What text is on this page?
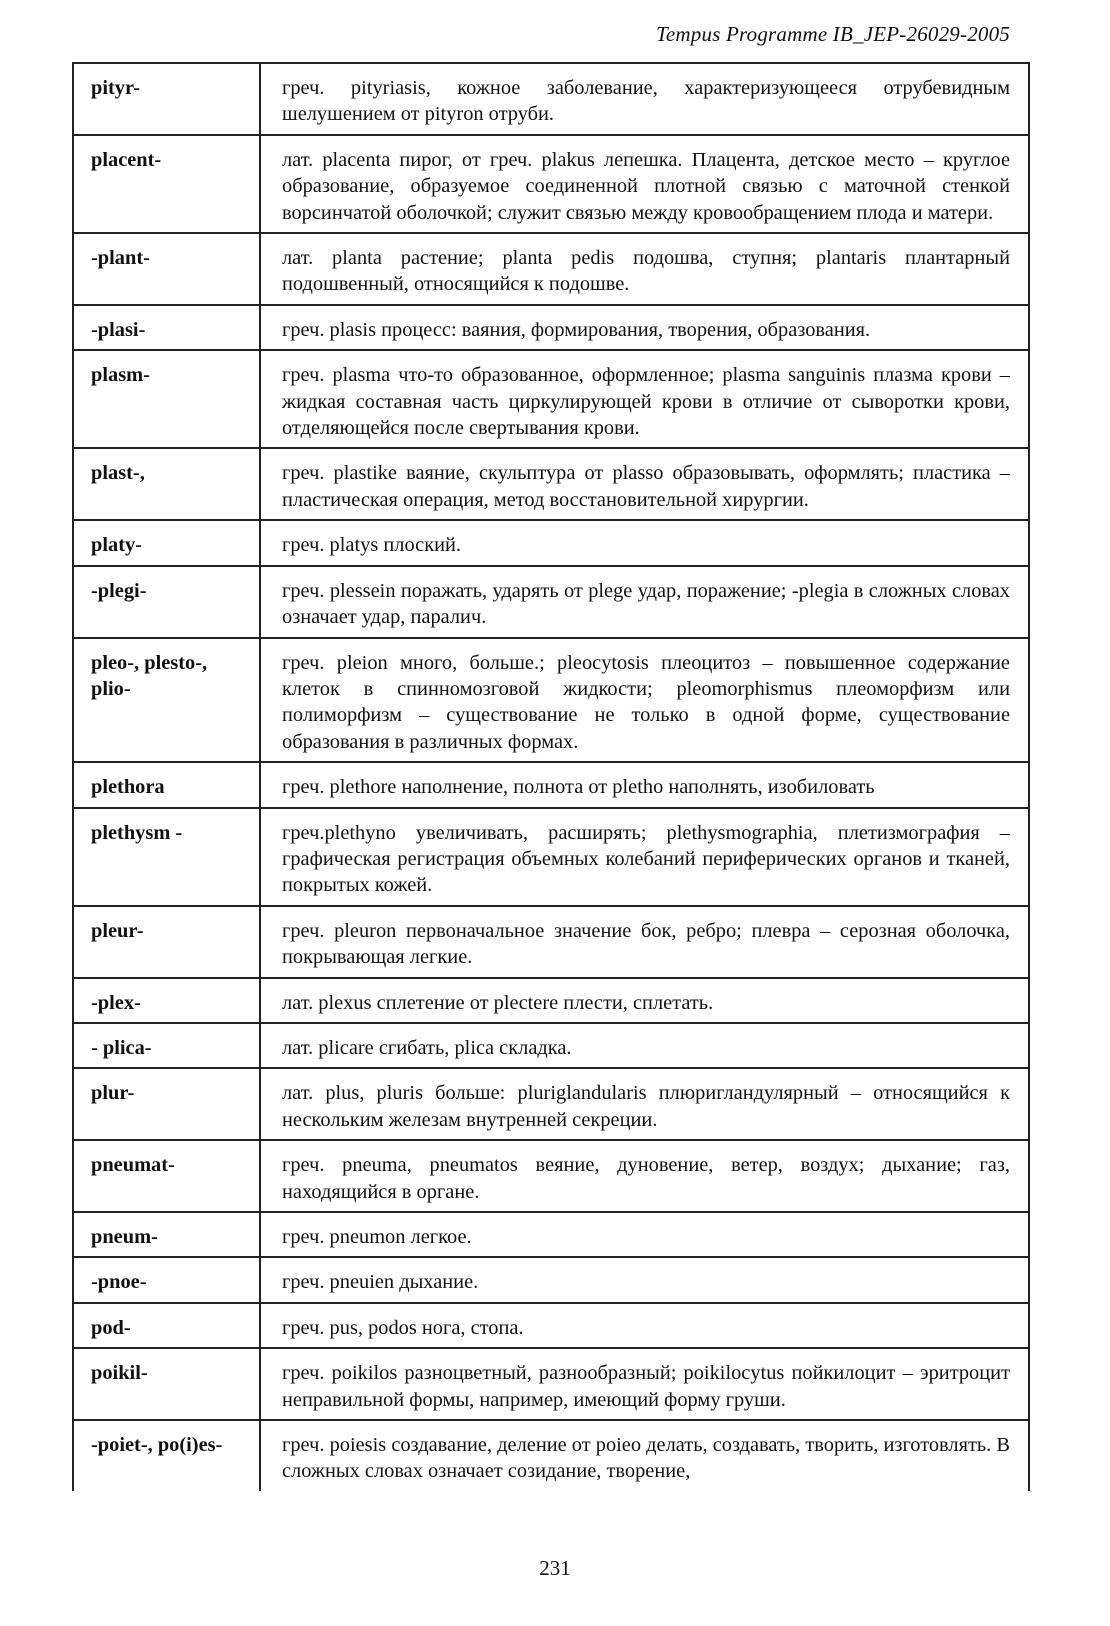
Tempus Programme IB_JEP-26029-2005
pityr-	греч. pityriasis, кожное заболевание, характеризующееся отрубевидным шелушением от pityron отруби.
placent-	лат. placenta пирог, от греч. plakus лепешка. Плацента, детское место – круглое образование, образуемое соединенной плотной связью с маточной стенкой ворсинчатой оболочкой; служит связью между кровообращением плода и матери.
-plant-	лат. planta растение; planta pedis подошва, ступня; plantaris плантарный подошвенный, относящийся к подошве.
-plasi-	греч. plasis процесс: ваяния, формирования, творения, образования.
plasm-	греч. plasma что-то образованное, оформленное; plasma sanguinis плазма крови – жидкая составная часть циркулирующей крови в отличие от сыворотки крови, отделяющейся после свертывания крови.
plast-,	греч. plastike ваяние, скульптура от plasso образовывать, оформлять; пластика – пластическая операция, метод восстановительной хирургии.
platy-	греч. platys плоский.
-plegi-	греч. plessein поражать, ударять от plege удар, поражение; -plegia в сложных словах означает удар, паралич.
pleo-, plesto-, plio-	греч. pleion много, больше.; pleocytosis плеоцитоз – повышенное содержание клеток в спинномозговой жидкости; pleomorphismus плеоморфизм или полиморфизм – существование не только в одной форме, существование образования в различных формах.
plethora	греч. plethore наполнение, полнота от pletho наполнять, изобиловать
plethysm -	греч.plethyno увеличивать, расширять; plethysmographia, плетизмография – графическая регистрация объемных колебаний периферических органов и тканей, покрытых кожей.
pleur-	греч. pleuron первоначальное значение бок, ребро; плевра – серозная оболочка, покрывающая легкие.
-plex-	лат. plexus сплетение от plectere плести, сплетать.
- plica-	лат. plicare сгибать, plica складка.
plur-	лат. plus, pluris больше: pluriglandularis плюригландулярный – относящийся к нескольким железам внутренней секреции.
pneumat-	греч. pneuma, pneumatos веяние, дуновение, ветер, воздух; дыхание; газ, находящийся в органе.
pneum-	греч. pneumon легкое.
-pnoe-	греч. pneuien дыхание.
pod-	греч. pus, podos нога, стопа.
poikil-	греч. poikilos разноцветный, разнообразный; poikilocytus пойкилоцит – эритроцит неправильной формы, например, имеющий форму груши.
-poiet-, po(i)es-	греч. poiesis создавание, деление от poieo делать, создавать, творить, изготовлять. В сложных словах означает созидание, творение,
231
